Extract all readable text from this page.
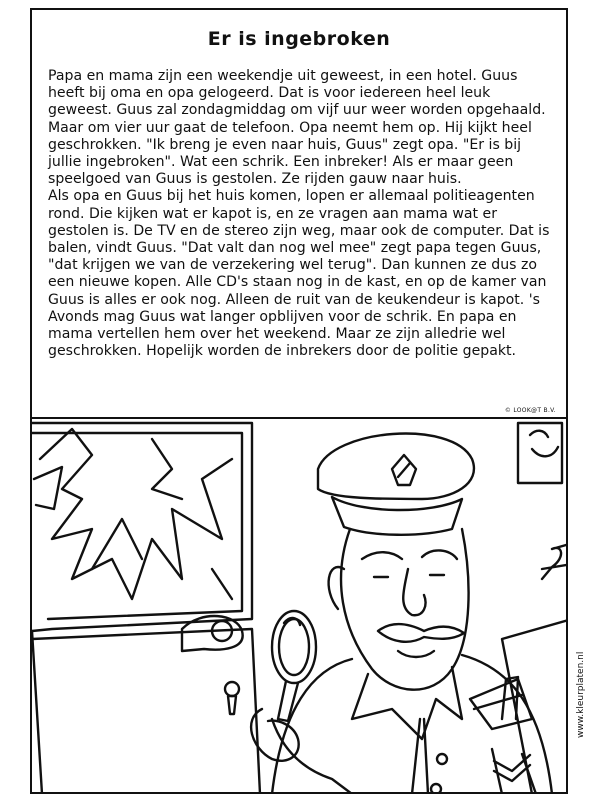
Er is ingebroken

Papa en mama zijn een weekendje uit geweest, in een hotel. Guus heeft bij oma en opa gelogeerd. Dat is voor iedereen heel leuk geweest. Guus zal zondagmiddag om vijf uur weer worden opgehaald. Maar om vier uur gaat de telefoon. Opa neemt hem op. Hij kijkt heel geschrokken. "Ik breng je even naar huis, Guus" zegt opa. "Er is bij jullie ingebroken". Wat een schrik. Een inbreker! Als er maar geen speelgoed van Guus is gestolen. Ze rijden gauw naar huis.

Als opa en Guus bij het huis komen, lopen er allemaal politieagenten rond. Die kijken wat er kapot is, en ze vragen aan mama wat er gestolen is. De TV en de stereo zijn weg, maar ook de computer. Dat is balen, vindt Guus. "Dat valt dan nog wel mee" zegt papa tegen Guus, "dat krijgen we van de verzekering wel terug". Dan kunnen ze dus zo een nieuwe kopen. Alle CD's staan nog in de kast, en op de kamer van Guus is alles er ook nog. Alleen de ruit van de keukendeur is kapot. 's Avonds mag Guus wat langer opblijven voor de schrik. En papa en mama vertellen hem over het weekend. Maar ze zijn alledrie wel geschrokken. Hopelijk worden de inbrekers door de politie gepakt.

© LOOK@T B.V.
www.kleurplaten.nl
